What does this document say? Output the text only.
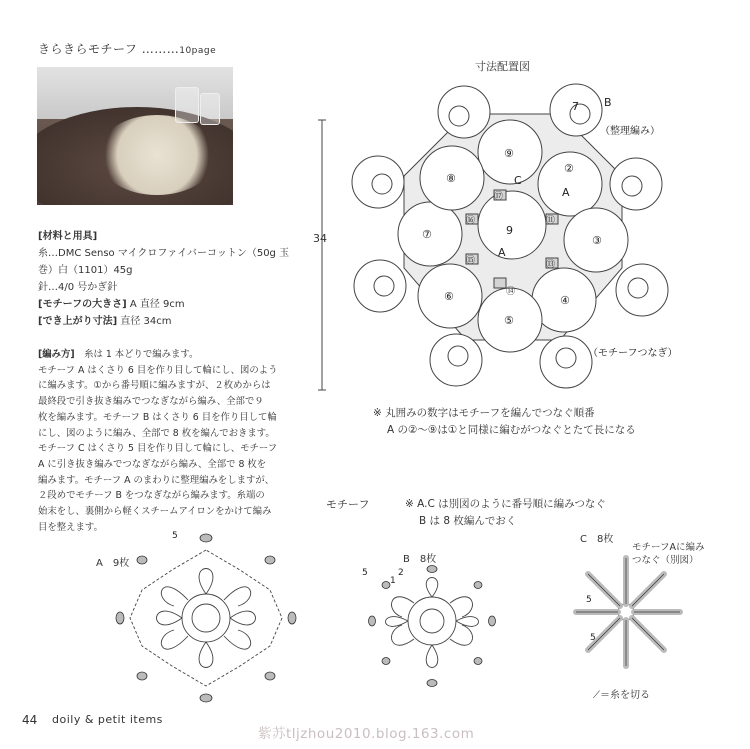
きらきらモチーフ ………10page
[材料と用具]
糸…DMC Senso マイクロファイバーコットン（50g 玉巻）白（1101）45g
針…4/0 号かぎ針
[モチーフの大きさ] A 直径 9cm
[でき上がり寸法] 直径 34cm

[編み方]　 糸は 1 本どりで編みます。

モチーフ A はくさり 6 目を作り目して輪にし、図のよう

に編みます。①から番号順に編みますが、２枚めからは

最終段で引き抜き編みでつなぎながら編み、全部で９

枚を編みます。モチーフ B はくさり 6 目を作り目して輪

にし、図のように編み、全部で 8 枚を編んでおきます。

モチーフ C はくさり 5 目を作り目して輪にし、モチーフ

A に引き抜き編みでつなぎながら編み、全部で 8 枚を

編みます。モチーフ A のまわりに整理編みをしますが、

２段めでモチーフ B をつなぎながら編みます。糸端の

始末をし、裏側から軽くスチームアイロンをかけて編み

目を整えます。

寸法配置図
34
7 B
C
A
A
9
（整理編み）
（モチーフつなぎ）
⑨
②
③
④
⑤
⑥
⑦
⑧
⑭
⑪
⑬
⑰
⑮
⑯
※ 丸囲みの数字はモチーフを編んでつなぐ順番
A の②〜⑨は①と同様に編むがつなぐとたて長になる
モチーフ	※ A.C は別図のように番号順に編みつなぐ
B は 8 枚編んでおく
A　9枚	B　8枚
C　8枚
モチーフAに編みつなぐ（別図）
⟋＝糸を切る
5
5	2
1
5
5
44 doily & petit items
紫苏tljzhou2010.blog.163.com
